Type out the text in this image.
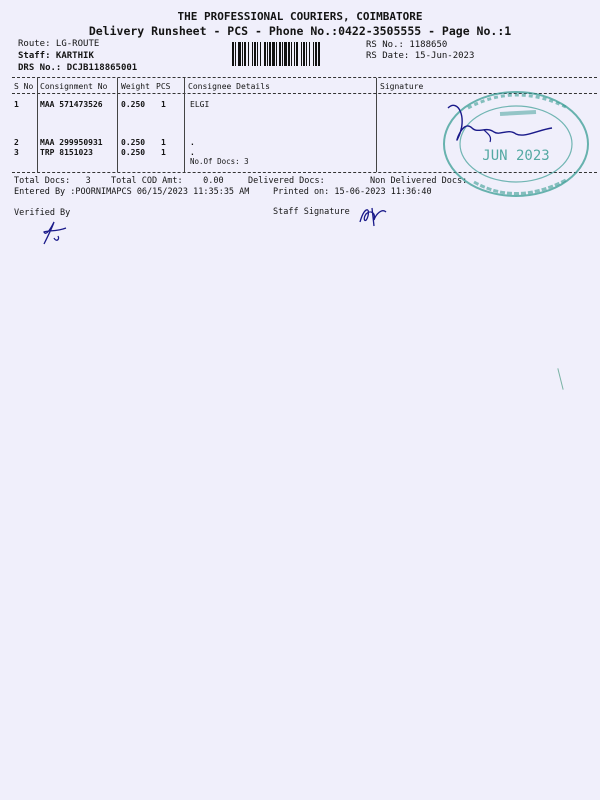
THE PROFESSIONAL COURIERS, COIMBATORE
Delivery Runsheet - PCS - Phone No.:0422-3505555 - Page No.:1
Route: LG-ROUTE
Staff: KARTHIK
DRS No.: DCJB118865001
RS No.: 1188650
RS Date: 15-Jun-2023
S No Consignment No Weight PCS Consignee Details	Signature
1	MAA 571473526 0.250 1	ELGI
2	MAA 299950931 0.250 1	.
3	TRP 8151023	0.250 1	.
No.Of Docs: 3
Total Docs:   3 Total COD Amt:    0.00	Delivered Docs:	Non Delivered Docs:
Entered By :POORNIMAPCS 06/15/2023 11:35:35 AM	Printed on: 15-06-2023 11:36:40
Verified By	Staff Signature
JUN 2023
